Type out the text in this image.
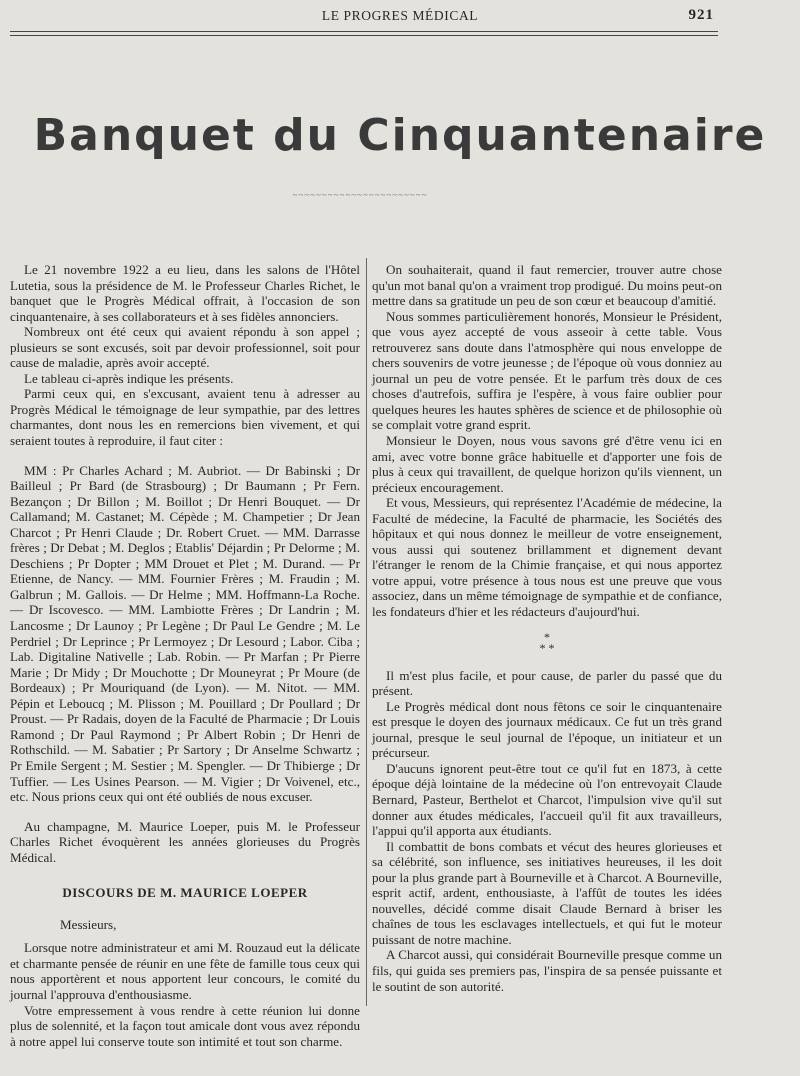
LE PROGRES MÉDICAL	921
Banquet du Cinquantenaire
~~~~~~~~~~~~~~~~~~~~~~~

Le 21 novembre 1922 a eu lieu, dans les salons de l'Hôtel Lutetia, sous la présidence de M. le Professeur Charles Richet, le banquet que le Progrès Médical offrait, à l'occasion de son cinquantenaire, à ses collaborateurs et à ses fidèles annonciers.

Nombreux ont été ceux qui avaient répondu à son appel ; plusieurs se sont excusés, soit par devoir professionnel, soit pour cause de maladie, après avoir accepté.

Le tableau ci-après indique les présents.

Parmi ceux qui, en s'excusant, avaient tenu à adresser au Progrès Médical le témoignage de leur sympathie, par des lettres charmantes, dont nous les en remercions bien vivement, et qui seraient toutes à reproduire, il faut citer :

MM : Pr Charles Achard ; M. Aubriot. — Dr Babinski ; Dr Bailleul ; Pr Bard (de Strasbourg) ; Dr Baumann ; Pr Fern. Bezançon ; Dr Billon ; M. Boillot ; Dr Henri Bouquet. — Dr Callamand; M. Castanet; M. Cépède ; M. Champetier ; Dr Jean Charcot ; Pr Henri Claude ; Dr. Robert Cruet. — MM. Darrasse frères ; Dr Debat ; M. Deglos ; Etablis' Déjardin ; Pr Delorme ; M. Deschiens ; Pr Dopter ; MM Drouet et Plet ; M. Durand. — Pr Etienne, de Nancy. — MM. Fournier Frères ; M. Fraudin ; M. Galbrun ; M. Gallois. — Dr Helme ; MM. Hoffmann-La Roche. — Dr Iscovesco. — MM. Lambiotte Frères ; Dr Landrin ; M. Lancosme ; Dr Launoy ; Pr Legène ; Dr Paul Le Gendre ; M. Le Perdriel ; Dr Leprince ; Pr Lermoyez ; Dr Lesourd ; Labor. Ciba ; Lab. Digitaline Nativelle ; Lab. Robin. — Pr Marfan ; Pr Pierre Marie ; Dr Midy ; Dr Mouchotte ; Dr Mouneyrat ; Pr Moure (de Bordeaux) ; Pr Mouriquand (de Lyon). — M. Nitot. — MM. Pépin et Leboucq ; M. Plisson ; M. Pouillard ; Dr Poullard ; Dr Proust. — Pr Radais, doyen de la Faculté de Pharmacie ; Dr Louis Ramond ; Dr Paul Raymond ; Pr Albert Robin ; Dr Henri de Rothschild. — M. Sabatier ; Pr Sartory ; Dr Anselme Schwartz ; Pr Emile Sergent ; M. Sestier ; M. Spengler. — Dr Thibierge ; Dr Tuffier. — Les Usines Pearson. — M. Vigier ; Dr Voivenel, etc., etc. Nous prions ceux qui ont été oubliés de nous excuser.

Au champagne, M. Maurice Loeper, puis M. le Professeur Charles Richet évoquèrent les années glorieuses du Progrès Médical.

DISCOURS DE M. MAURICE LOEPER

Messieurs,

Lorsque notre administrateur et ami M. Rouzaud eut la délicate et charmante pensée de réunir en une fête de famille tous ceux qui nous apportèrent et nous apportent leur concours, le comité du journal l'approuva d'enthousiasme.

Votre empressement à vous rendre à cette réunion lui donne plus de solennité, et la façon tout amicale dont vous avez répondu à notre appel lui conserve toute son intimité et tout son charme.

On souhaiterait, quand il faut remercier, trouver autre chose qu'un mot banal qu'on a vraiment trop prodigué. Du moins peut-on mettre dans sa gratitude un peu de son cœur et beaucoup d'amitié.

Nous sommes particulièrement honorés, Monsieur le Président, que vous ayez accepté de vous asseoir à cette table. Vous retrouverez sans doute dans l'atmosphère qui nous enveloppe de chers souvenirs de votre jeunesse ; de l'époque où vous donniez au journal un peu de votre pensée. Et le parfum très doux de ces choses d'autrefois, suffira je l'espère, à vous faire oublier pour quelques heures les hautes sphères de science et de philosophie où se complait votre grand esprit.

Monsieur le Doyen, nous vous savons gré d'être venu ici en ami, avec votre bonne grâce habituelle et d'apporter une fois de plus à ceux qui travaillent, de quelque horizon qu'ils viennent, un précieux encouragement.

Et vous, Messieurs, qui représentez l'Académie de médecine, la Faculté de médecine, la Faculté de pharmacie, les Sociétés des hôpitaux et qui nous donnez le meilleur de votre enseignement, vous aussi qui soutenez brillamment et dignement devant l'étranger le renom de la Chimie française, et qui nous apportez votre appui, votre présence à tous nous est une preuve que vous associez, dans un même témoignage de sympathie et de confiance, les fondateurs d'hier et les rédacteurs d'aujourd'hui.

*
* *

Il m'est plus facile, et pour cause, de parler du passé que du présent.

Le Progrès médical dont nous fêtons ce soir le cinquantenaire est presque le doyen des journaux médicaux. Ce fut un très grand journal, presque le seul journal de l'époque, un initiateur et un précurseur.

D'aucuns ignorent peut-être tout ce qu'il fut en 1873, à cette époque déjà lointaine de la médecine où l'on entrevoyait Claude Bernard, Pasteur, Berthelot et Charcot, l'impulsion vive qu'il sut donner aux études médicales, l'accueil qu'il fit aux travailleurs, l'appui qu'il apporta aux étudiants.

Il combattit de bons combats et vécut des heures glorieuses et sa célébrité, son influence, ses initiatives heureuses, il les doit pour la plus grande part à Bourneville et à Charcot. A Bourneville, esprit actif, ardent, enthousiaste, à l'affût de toutes les idées nouvelles, décidé comme disait Claude Bernard à briser les chaînes de tous les esclavages intellectuels, et qui fut le moteur puissant de notre machine.

A Charcot aussi, qui considérait Bourneville presque comme un fils, qui guida ses premiers pas, l'inspira de sa pensée puissante et le soutint de son autorité.
